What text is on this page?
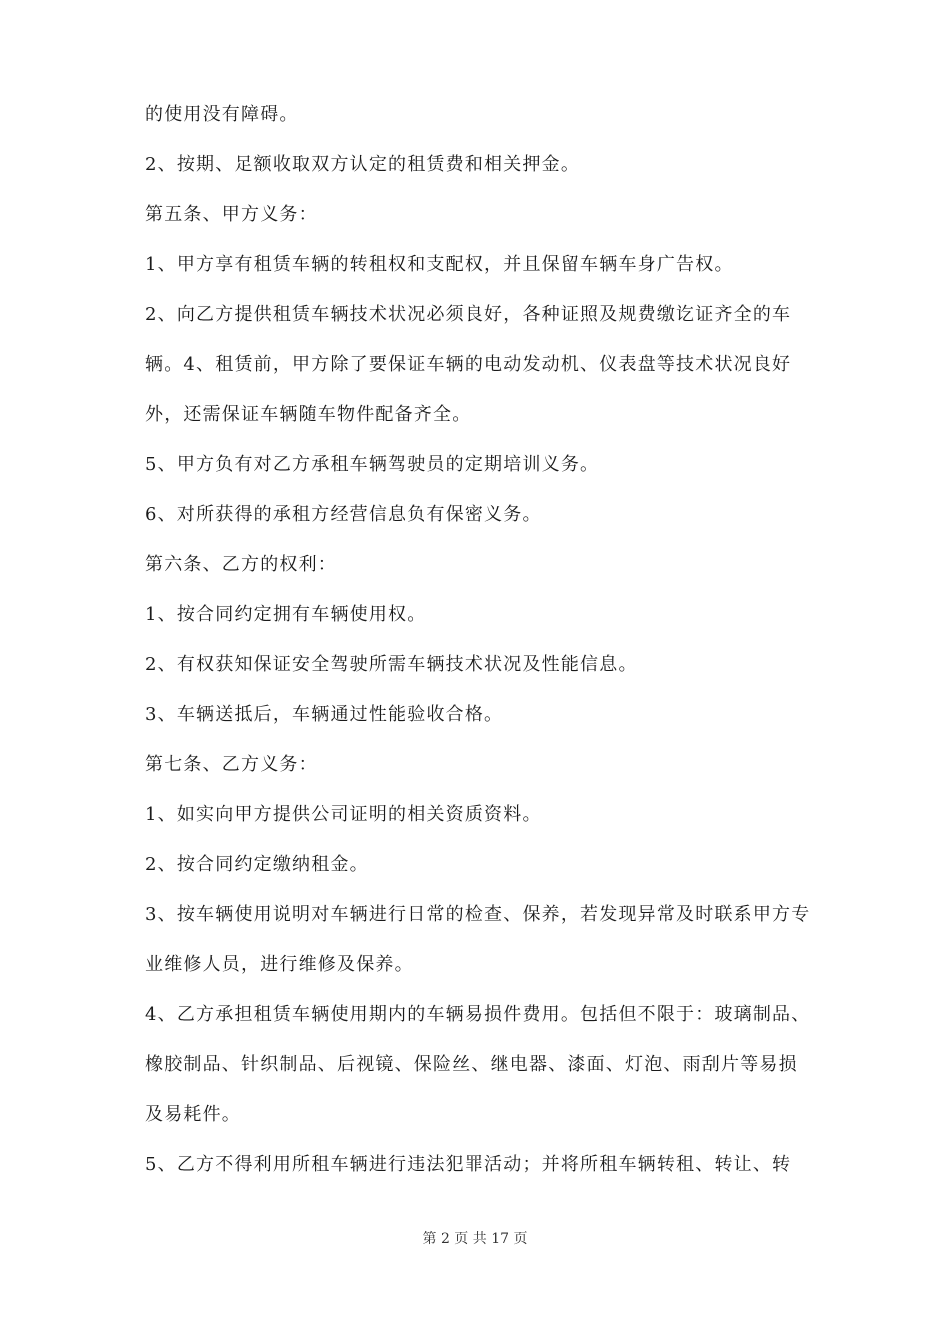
的使用没有障碍。
2、按期、足额收取双方认定的租赁费和相关押金。
第五条、甲方义务：
1、甲方享有租赁车辆的转租权和支配权，并且保留车辆车身广告权。
2、向乙方提供租赁车辆技术状况必须良好，各种证照及规费缴讫证齐全的车
辆。4、租赁前，甲方除了要保证车辆的电动发动机、仪表盘等技术状况良好
外，还需保证车辆随车物件配备齐全。
5、甲方负有对乙方承租车辆驾驶员的定期培训义务。
6、对所获得的承租方经营信息负有保密义务。
第六条、乙方的权利：
1、按合同约定拥有车辆使用权。
2、有权获知保证安全驾驶所需车辆技术状况及性能信息。
3、车辆送抵后，车辆通过性能验收合格。
第七条、乙方义务：
1、如实向甲方提供公司证明的相关资质资料。
2、按合同约定缴纳租金。
3、按车辆使用说明对车辆进行日常的检查、保养，若发现异常及时联系甲方专
业维修人员，进行维修及保养。
4、乙方承担租赁车辆使用期内的车辆易损件费用。包括但不限于：玻璃制品、
橡胶制品、针织制品、后视镜、保险丝、继电器、漆面、灯泡、雨刮片等易损
及易耗件。
5、乙方不得利用所租车辆进行违法犯罪活动；并将所租车辆转租、转让、转
第 2 页 共 17 页
